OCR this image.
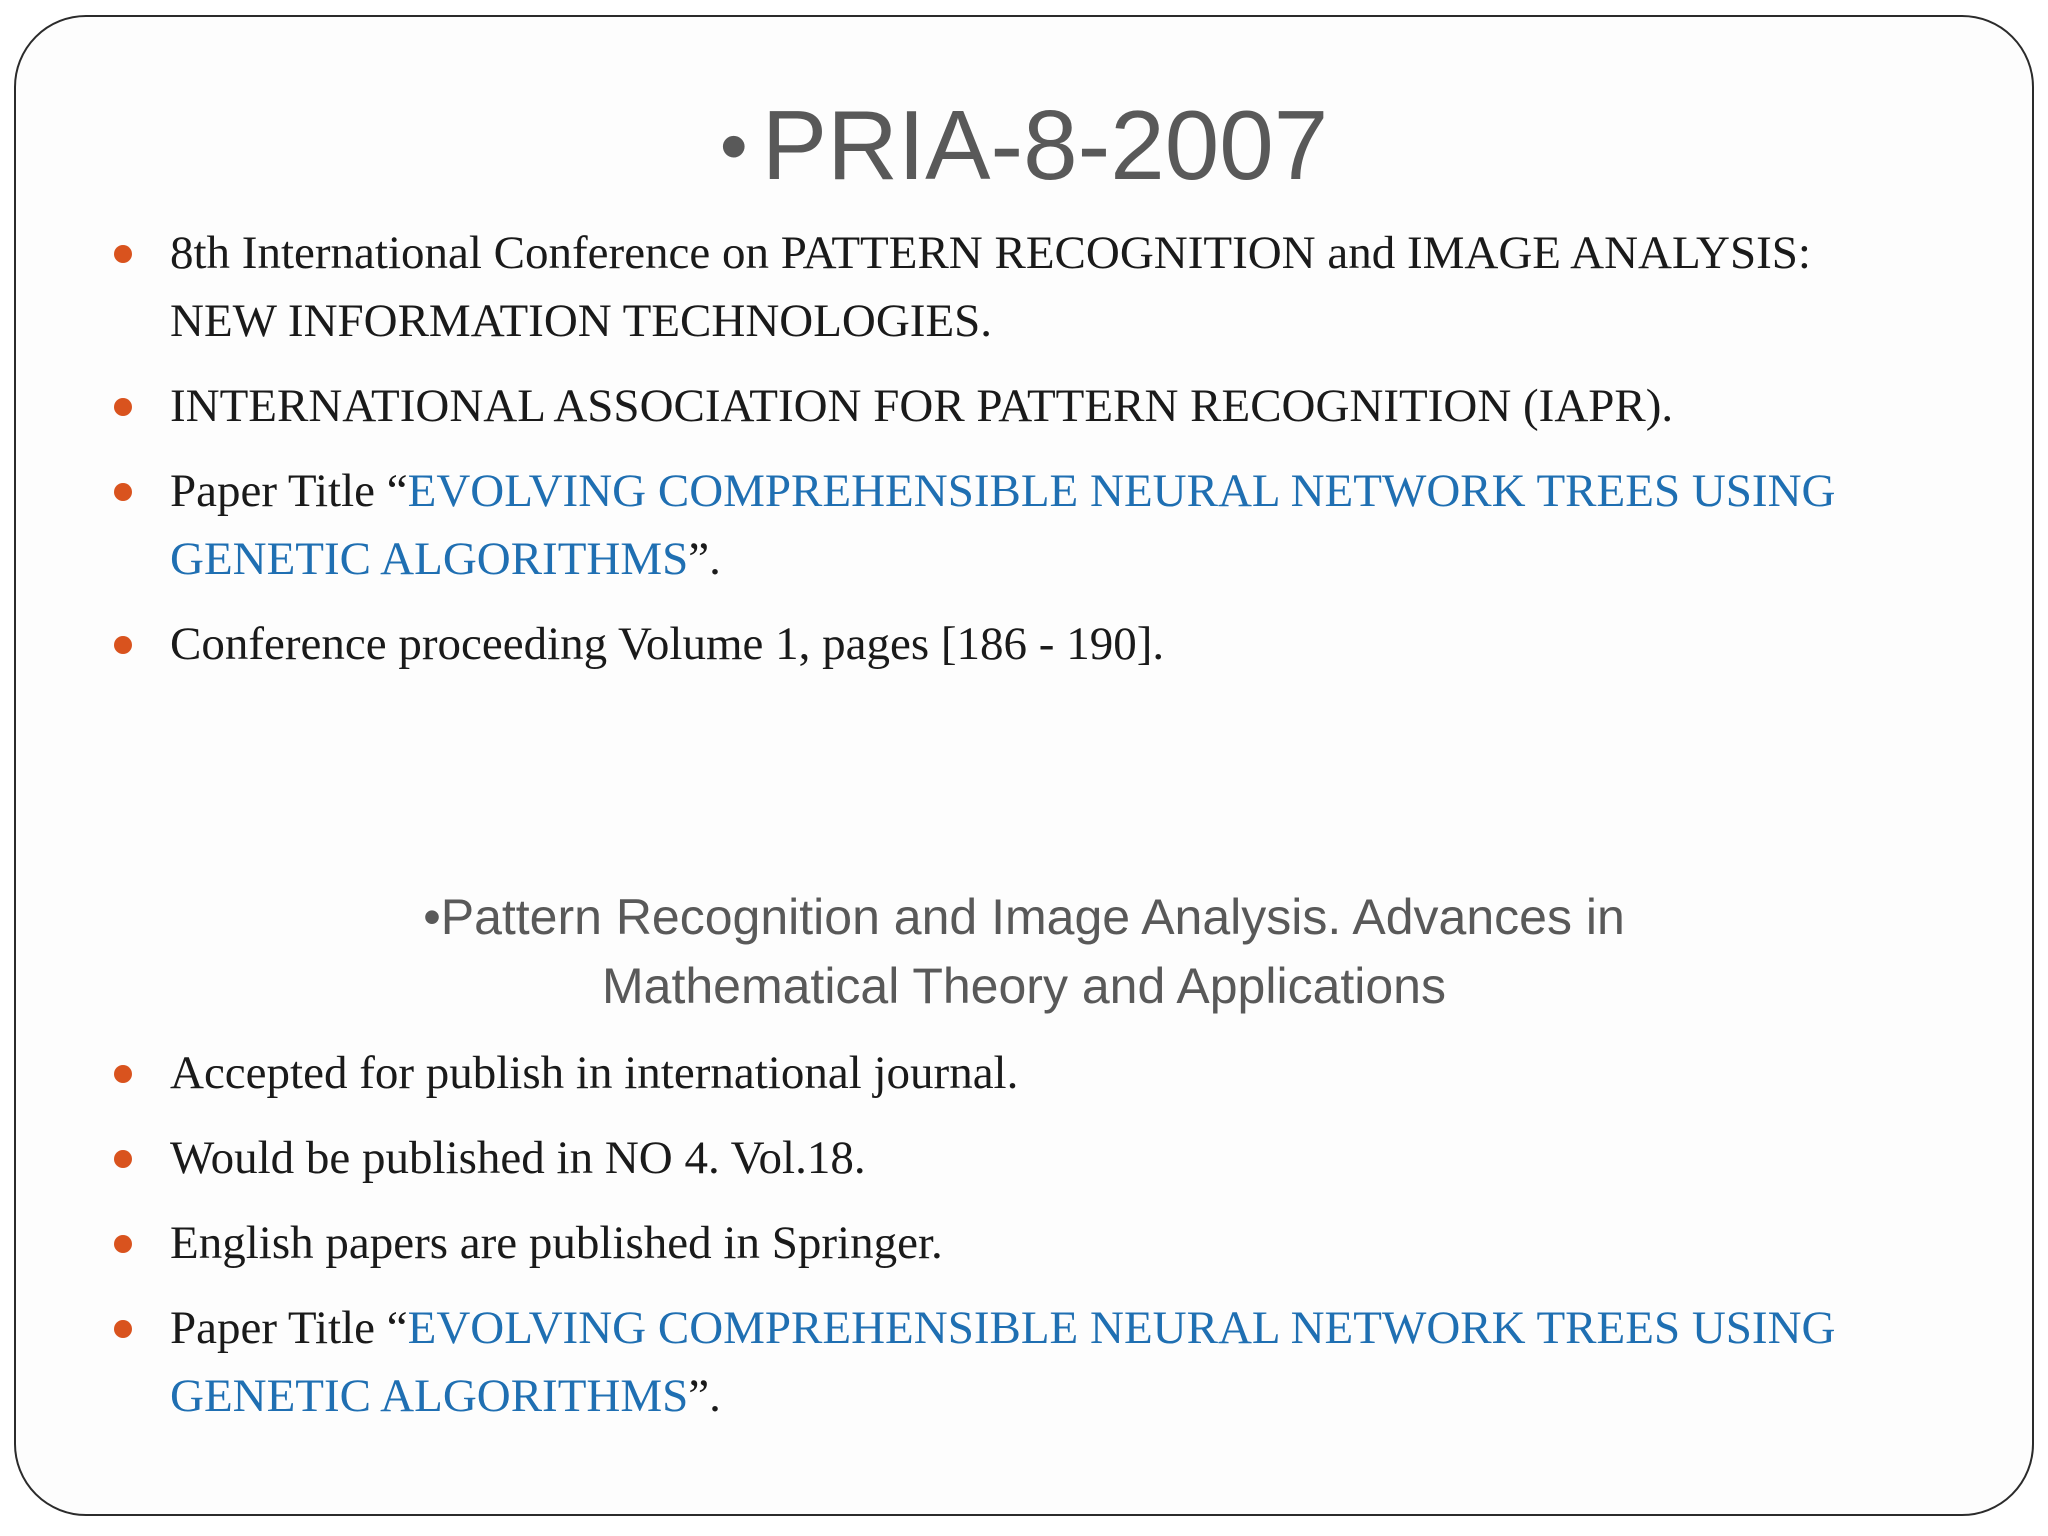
• PRIA-8-2007
8th International Conference on PATTERN RECOGNITION and IMAGE ANALYSIS:
NEW INFORMATION TECHNOLOGIES.
INTERNATIONAL ASSOCIATION FOR PATTERN RECOGNITION (IAPR).
Paper Title “EVOLVING COMPREHENSIBLE NEURAL NETWORK TREES USING
GENETIC ALGORITHMS”.
Conference proceeding Volume 1, pages [186 - 190].
•Pattern Recognition and Image Analysis. Advances in
Mathematical Theory and Applications
Accepted for publish in international journal.
Would be published in NO 4. Vol.18.
English papers are published in Springer.
Paper Title “EVOLVING COMPREHENSIBLE NEURAL NETWORK TREES USING
GENETIC ALGORITHMS”.
